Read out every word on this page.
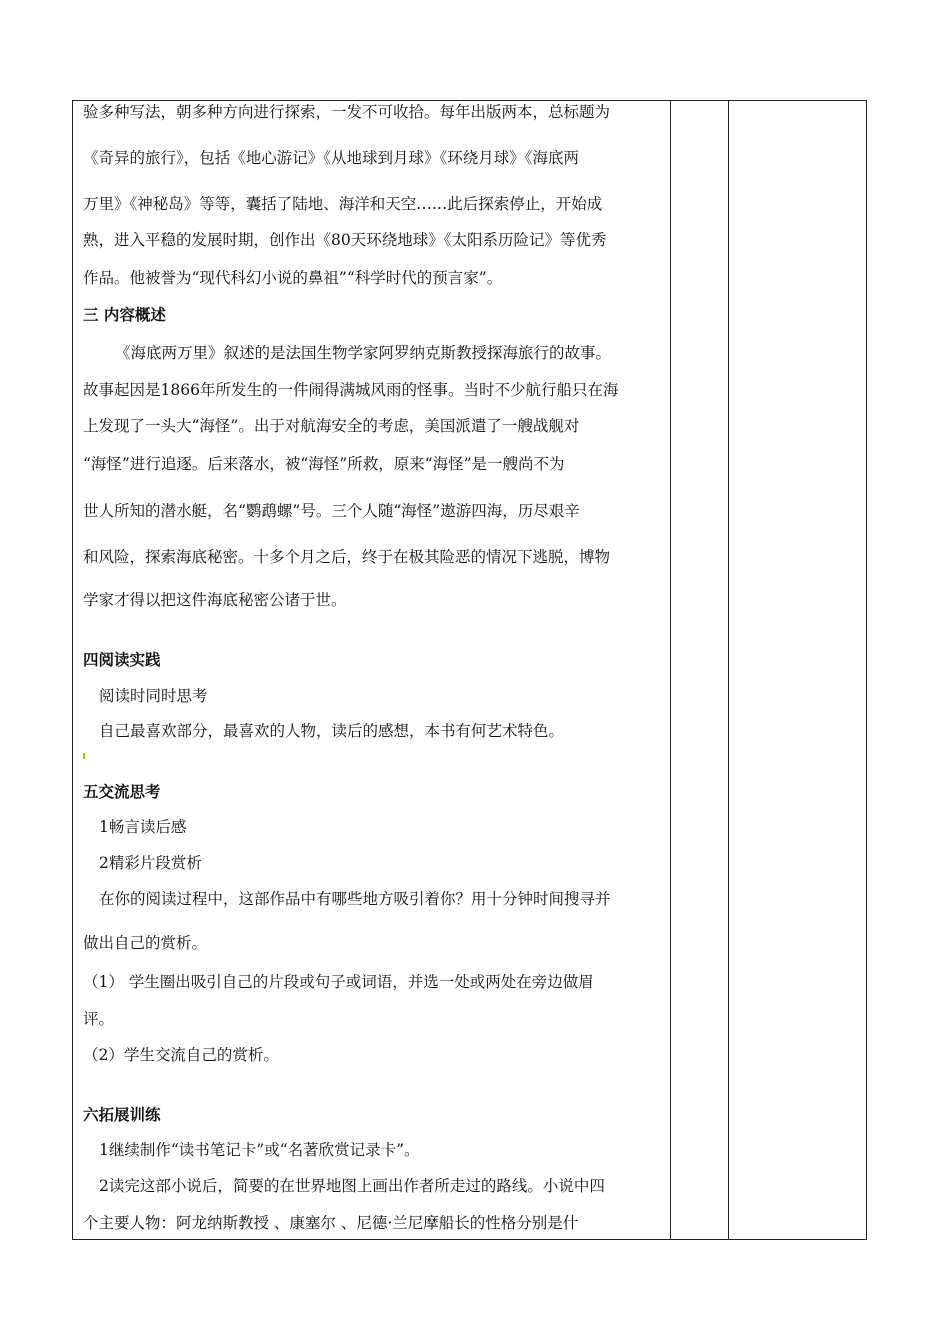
验多种写法，朝多种方向进行探索，一发不可收拾。每年出版两本，总标题为
《奇异的旅行》，包括《地心游记》《从地球到月球》《环绕月球》《海底两
万里》《神秘岛》等等，囊括了陆地、海洋和天空……此后探索停止，开始成
熟，进入平稳的发展时期，创作出《80天环绕地球》《太阳系历险记》等优秀
作品。他被誉为“现代科幻小说的鼻祖”“科学时代的预言家”。
三 内容概述
《海底两万里》叙述的是法国生物学家阿罗纳克斯教授探海旅行的故事。
故事起因是1866年所发生的一件闹得满城风雨的怪事。当时不少航行船只在海
上发现了一头大“海怪”。出于对航海安全的考虑，美国派遣了一艘战舰对
“海怪”进行追逐。后来落水，被“海怪”所救，原来“海怪”是一艘尚不为
世人所知的潜水艇，名“鹦鹉螺”号。三个人随“海怪”遨游四海，历尽艰辛
和风险，探索海底秘密。十多个月之后，终于在极其险恶的情况下逃脱，博物
学家才得以把这件海底秘密公诸于世。
四阅读实践
阅读时同时思考
自己最喜欢部分，最喜欢的人物，读后的感想，本书有何艺术特色。
五交流思考
1畅言读后感
2精彩片段赏析
在你的阅读过程中，这部作品中有哪些地方吸引着你？用十分钟时间搜寻并
做出自己的赏析。
（1） 学生圈出吸引自己的片段或句子或词语，并选一处或两处在旁边做眉
评。
（2）学生交流自己的赏析。
六拓展训练
1继续制作“读书笔记卡”或“名著欣赏记录卡”。
2读完这部小说后，简要的在世界地图上画出作者所走过的路线。小说中四
个主要人物：阿龙纳斯教授 、康塞尔 、尼德·兰尼摩船长的性格分别是什
